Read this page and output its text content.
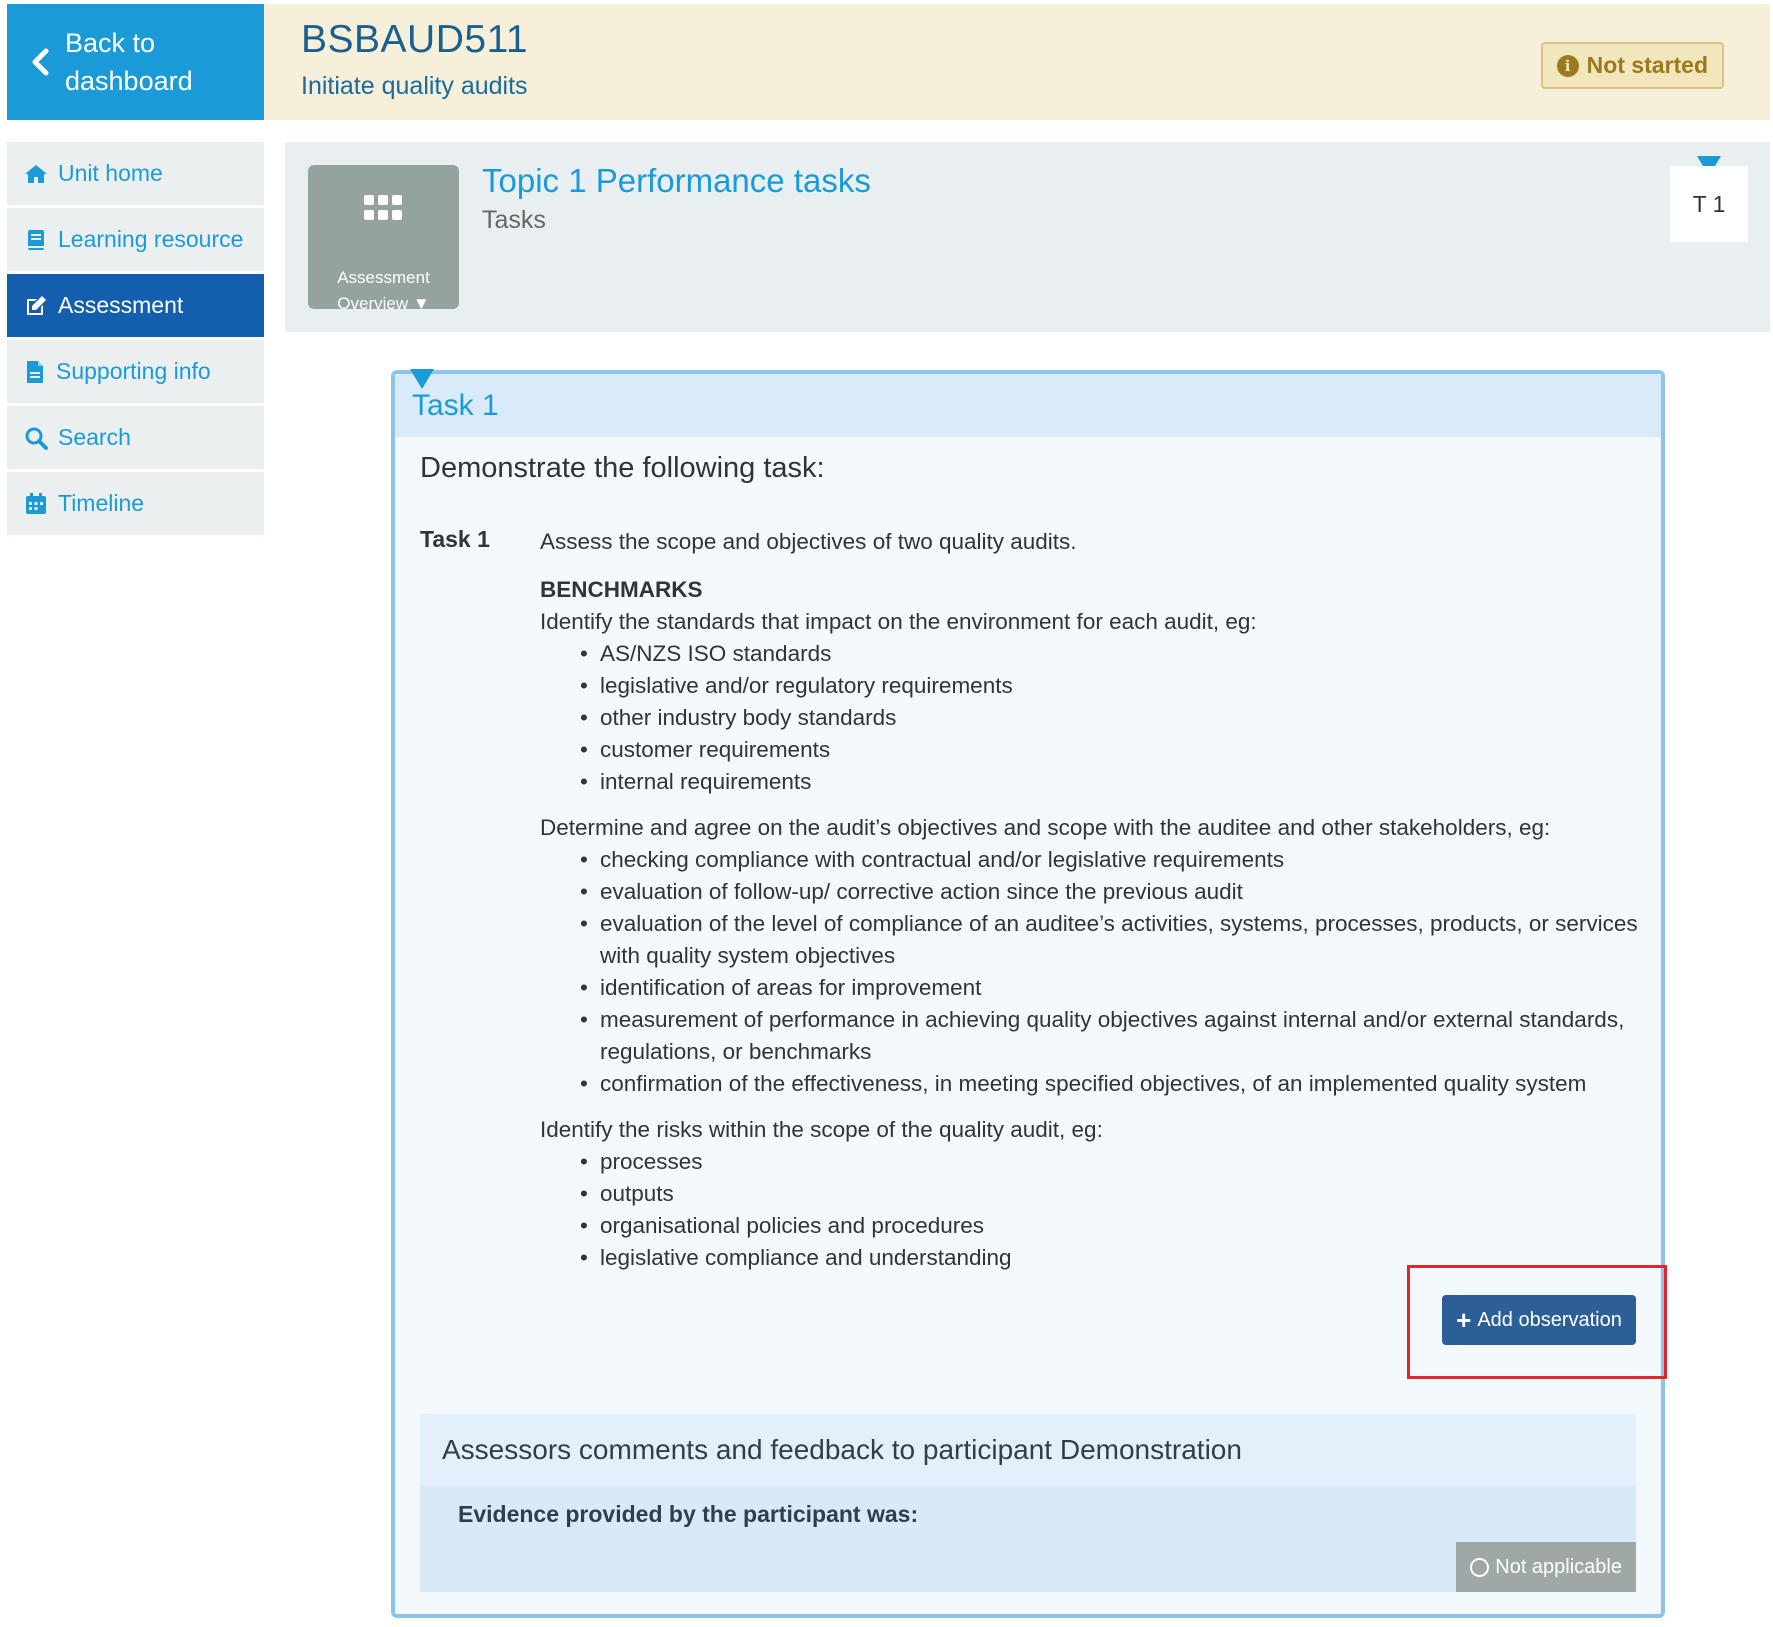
Back to
dashboard
BSBAUD511
Initiate quality audits
i Not started
Unit home
Learning resource
Assessment
Supporting info
Search
Timeline
Assessment
Overview ▼
Topic 1 Performance tasks
Tasks
T 1
Task 1
Demonstrate the following task:
Task 1 Assess the scope and objectives of two quality audits.

BENCHMARKS

Identify the standards that impact on the environment for each audit, eg:

• AS/NZS ISO standards
• legislative and/or regulatory requirements
• other industry body standards
• customer requirements
• internal requirements

Determine and agree on the audit’s objectives and scope with the auditee and other stakeholders, eg:

• checking compliance with contractual and/or legislative requirements
• evaluation of follow-up/ corrective action since the previous audit
• evaluation of the level of compliance of an auditee’s activities, systems, processes, products, or services with quality system objectives
• identification of areas for improvement
• measurement of performance in achieving quality objectives against internal and/or external standards, regulations, or benchmarks
• confirmation of the effectiveness, in meeting specified objectives, of an implemented quality system

Identify the risks within the scope of the quality audit, eg:

• processes
• outputs
• organisational policies and procedures
• legislative compliance and understanding
+ Add observation
Assessors comments and feedback to participant Demonstration
Evidence provided by the participant was:
Not applicable
